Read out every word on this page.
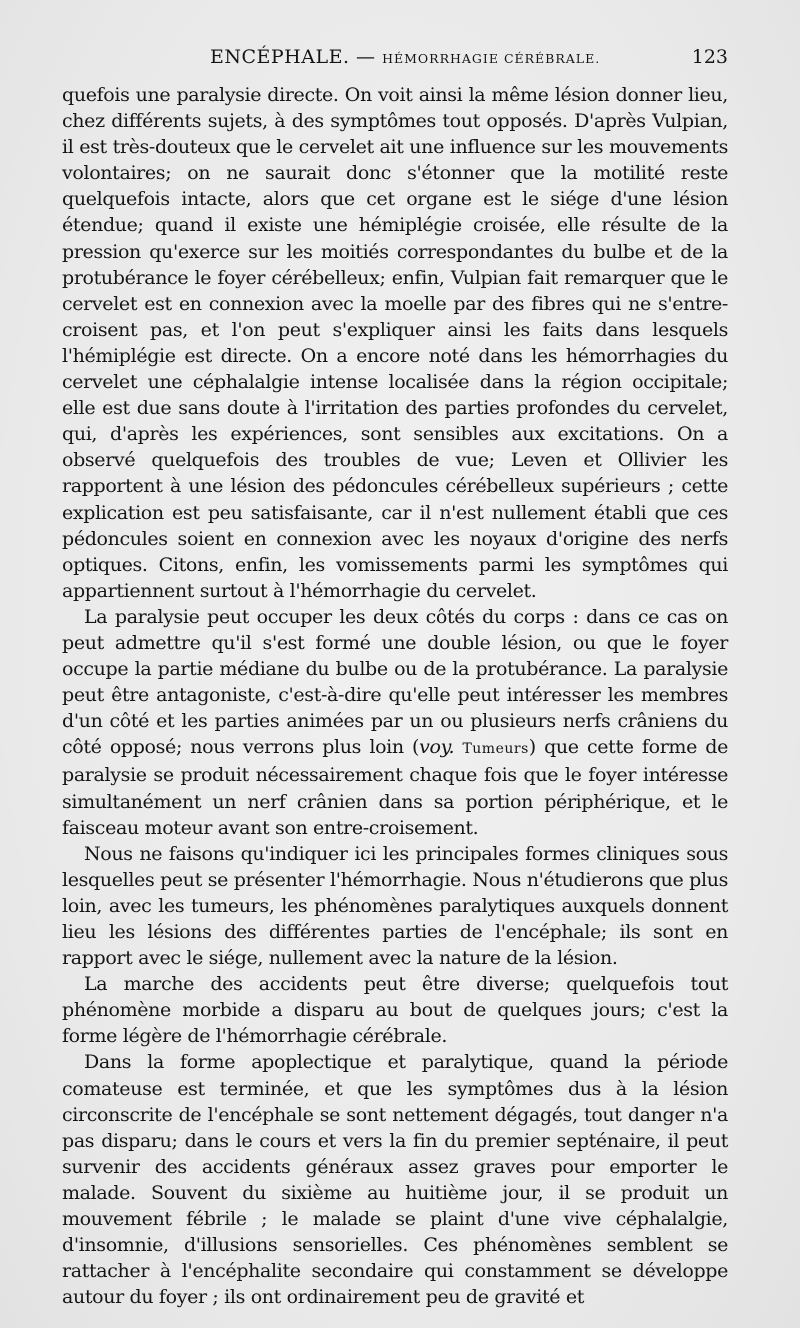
ENCÉPHALE. — HÉMORRHAGIE CÉRÉBRALE.	123

quefois une paralysie directe. On voit ainsi la même lésion donner lieu, chez différents sujets, à des symptômes tout opposés. D'après Vulpian, il est très-douteux que le cervelet ait une influence sur les mouvements volontaires; on ne saurait donc s'étonner que la motilité reste quelquefois intacte, alors que cet organe est le siége d'une lésion étendue; quand il existe une hémiplégie croisée, elle résulte de la pression qu'exerce sur les moitiés correspondantes du bulbe et de la protubérance le foyer cérébelleux; enfin, Vulpian fait remarquer que le cervelet est en connexion avec la moelle par des fibres qui ne s'entre-croisent pas, et l'on peut s'expliquer ainsi les faits dans lesquels l'hémiplégie est directe. On a encore noté dans les hémorrhagies du cervelet une céphalalgie intense localisée dans la région occipitale; elle est due sans doute à l'irritation des parties profondes du cervelet, qui, d'après les expériences, sont sensibles aux excitations. On a observé quelquefois des troubles de vue; Leven et Ollivier les rapportent à une lésion des pédoncules cérébelleux supérieurs ; cette explication est peu satisfaisante, car il n'est nullement établi que ces pédoncules soient en connexion avec les noyaux d'origine des nerfs optiques. Citons, enfin, les vomissements parmi les symptômes qui appartiennent surtout à l'hémorrhagie du cervelet.

La paralysie peut occuper les deux côtés du corps : dans ce cas on peut admettre qu'il s'est formé une double lésion, ou que le foyer occupe la partie médiane du bulbe ou de la protubérance. La paralysie peut être antagoniste, c'est-à-dire qu'elle peut intéresser les membres d'un côté et les parties animées par un ou plusieurs nerfs crâniens du côté opposé; nous verrons plus loin (voy. Tumeurs) que cette forme de paralysie se produit nécessairement chaque fois que le foyer intéresse simultanément un nerf crânien dans sa portion périphérique, et le faisceau moteur avant son entre-croisement.

Nous ne faisons qu'indiquer ici les principales formes cliniques sous lesquelles peut se présenter l'hémorrhagie. Nous n'étudierons que plus loin, avec les tumeurs, les phénomènes paralytiques auxquels donnent lieu les lésions des différentes parties de l'encéphale; ils sont en rapport avec le siége, nullement avec la nature de la lésion.

La marche des accidents peut être diverse; quelquefois tout phénomène morbide a disparu au bout de quelques jours; c'est la forme légère de l'hémorrhagie cérébrale.

Dans la forme apoplectique et paralytique, quand la période comateuse est terminée, et que les symptômes dus à la lésion circonscrite de l'encéphale se sont nettement dégagés, tout danger n'a pas disparu; dans le cours et vers la fin du premier septénaire, il peut survenir des accidents généraux assez graves pour emporter le malade. Souvent du sixième au huitième jour, il se produit un mouvement fébrile ; le malade se plaint d'une vive céphalalgie, d'insomnie, d'illusions sensorielles. Ces phénomènes semblent se rattacher à l'encéphalite secondaire qui constamment se développe autour du foyer ; ils ont ordinairement peu de gravité et
